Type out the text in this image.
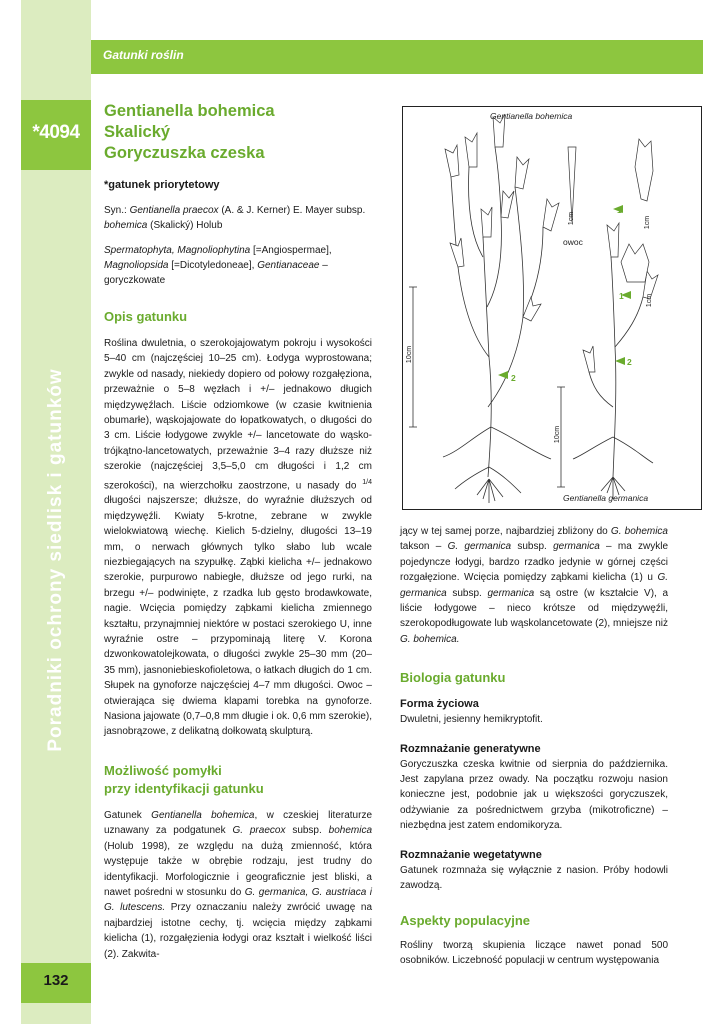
*4094
Poradniki ochrony siedlisk i gatunków
132
Gatunki roślin
Gentianella bohemica
Skalický
Goryczuszka czeska
*gatunek priorytetowy
Syn.: Gentianella praecox (A. & J. Kerner) E. Mayer subsp. bohemica (Skalický) Holub
Spermatophyta, Magnoliophytina [=Angiospermae], Magnoliopsida [=Dicotyledoneae], Gentianaceae – goryczkowate
Opis gatunku
Roślina dwuletnia, o szerokojajowatym pokroju i wysokości 5–40 cm (najczęściej 10–25 cm). Łodyga wyprostowana; zwykle od nasady, niekiedy dopiero od połowy rozgałęziona, przeważnie o 5–8 węzłach i +/– jednakowo długich międzywęźlach. Liście odziomkowe (w czasie kwitnienia obumarłe), wąskojajowate do łopatkowatych, o długości do 3 cm. Liście łodygowe zwykle +/– lancetowate do wąsko-trójkątno-lancetowatych, przeważnie 3–4 razy dłuższe niż szerokie (najczęściej 3,5–5,0 cm długości i 1,2 cm szerokości), na wierzchołku zaostrzone, u nasady do $^{1/4}$ długości najszersze; dłuższe, do wyraźnie dłuższych od międzywęźli. Kwiaty 5-krotne, zebrane w zwykle wielokwiatową wiechę. Kielich 5-dzielny, długości 13–19 mm, o nerwach głównych tylko słabo lub wcale niezbiegających na szypułkę. Ząbki kielicha +/– jednakowo szerokie, purpurowo nabiegłe, dłuższe od jego rurki, na brzegu +/– podwinięte, z rzadka lub gęsto brodawkowate, nagie. Wcięcia pomiędzy ząbkami kielicha zmiennego kształtu, przynajmniej niektóre w postaci szerokiego U, inne wyraźnie ostre – przypominają literę V. Korona dzwonkowatolejkowata, o długości zwykle 25–30 mm (20–35 mm), jasnoniebieskofioletowa, o łatkach długich do 1 cm. Słupek na gynoforze najczęściej 4–7 mm długości. Owoc – otwierająca się dwiema klapami torebka na gynoforze. Nasiona jajowate (0,7–0,8 mm długie i ok. 0,6 mm szerokie), jasnobrązowe, z delikatną dołkowatą skulpturą.
Możliwość pomyłki
przy identyfikacji gatunku
Gatunek Gentianella bohemica, w czeskiej literaturze uznawany za podgatunek G. praecox subsp. bohemica (Holub 1998), ze względu na dużą zmienność, która występuje także w obrębie rodzaju, jest trudny do identyfikacji. Morfologicznie i geograficznie jest bliski, a nawet pośredni w stosunku do G. germanica, G. austriaca i G. lutescens. Przy oznaczaniu należy zwrócić uwagę na najbardziej istotne cechy, tj. wcięcia między ząbkami kielicha (1), rozgałęzienia łodygi oraz kształt i wielkość liści (2). Zakwita-
Gentianella bohemica
Gentianella germanica
owoc
1
1
2
2
10cm
10cm
1cm	1cm
1cm
jący w tej samej porze, najbardziej zbliżony do G. bohemica takson – G. germanica subsp. germanica – ma zwykle pojedyncze łodygi, bardzo rzadko jedynie w górnej części rozgałęzione. Wcięcia pomiędzy ząbkami kielicha (1) u G. germanica subsp. germanica są ostre (w kształcie V), a liście łodygowe – nieco krótsze od międzywęźli, szerokopodługowate lub wąskolancetowate (2), mniejsze niż G. bohemica.
Biologia gatunku
Forma życiowa
Dwuletni, jesienny hemikryptofit.
Rozmnażanie generatywne
Goryczuszka czeska kwitnie od sierpnia do października. Jest zapylana przez owady. Na początku rozwoju nasion konieczne jest, podobnie jak u większości goryczuszek, odżywianie za pośrednictwem grzyba (mikotroficzne) – niezbędna jest zatem endomikoryza.
Rozmnażanie wegetatywne
Gatunek rozmnaża się wyłącznie z nasion. Próby hodowli zawodzą.
Aspekty populacyjne
Rośliny tworzą skupienia liczące nawet ponad 500 osobników. Liczebność populacji w centrum występowania
